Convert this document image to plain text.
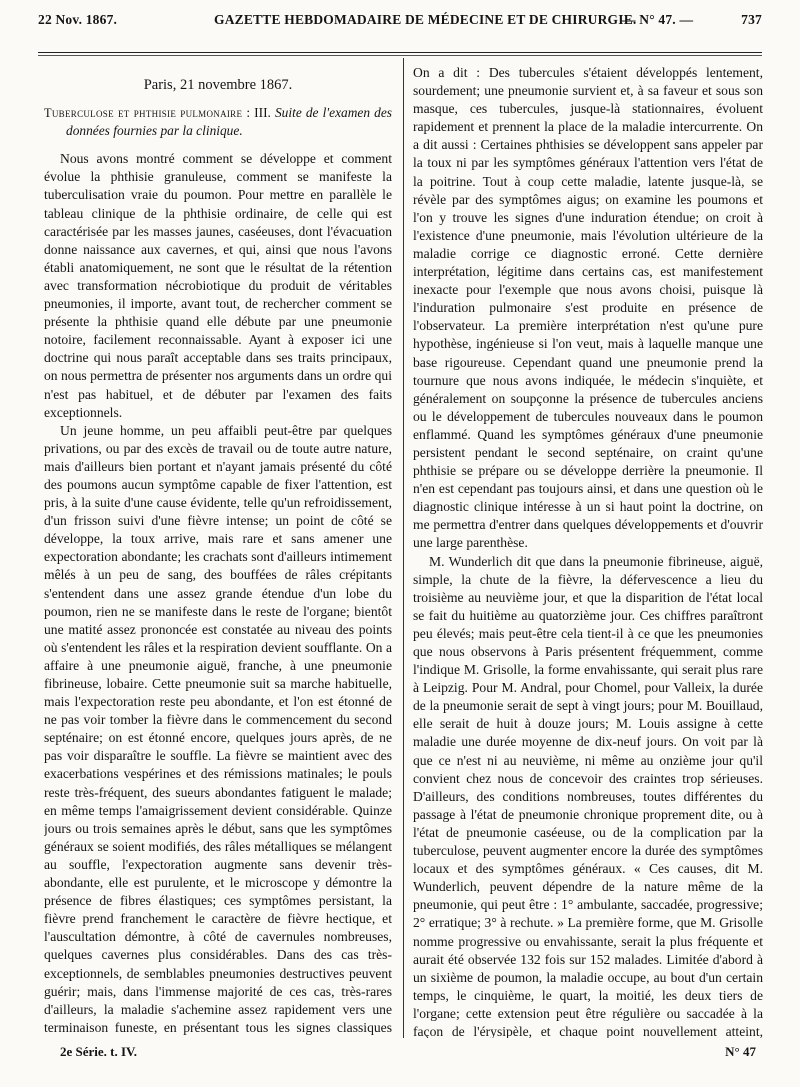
22 Nov. 1867.	GAZETTE HEBDOMADAIRE DE MÉDECINE ET DE CHIRURGIE.
— N° 47. —	737
Paris, 21 novembre 1867.
Tuberculose et phthisie pulmonaire : III. Suite de l'examen des données fournies par la clinique.

Nous avons montré comment se développe et comment évolue la phthisie granuleuse, comment se manifeste la tuberculisation vraie du poumon. Pour mettre en parallèle le tableau clinique de la phthisie ordinaire, de celle qui est caractérisée par les masses jaunes, caséeuses, dont l'évacuation donne naissance aux cavernes, et qui, ainsi que nous l'avons établi anatomiquement, ne sont que le résultat de la rétention avec transformation nécrobiotique du produit de véritables pneumonies, il importe, avant tout, de rechercher comment se présente la phthisie quand elle débute par une pneumonie notoire, facilement reconnaissable. Ayant à exposer ici une doctrine qui nous paraît acceptable dans ses traits principaux, on nous permettra de présenter nos arguments dans un ordre qui n'est pas habituel, et de débuter par l'examen des faits exceptionnels.

Un jeune homme, un peu affaibli peut-être par quelques privations, ou par des excès de travail ou de toute autre nature, mais d'ailleurs bien portant et n'ayant jamais présenté du côté des poumons aucun symptôme capable de fixer l'attention, est pris, à la suite d'une cause évidente, telle qu'un refroidissement, d'un frisson suivi d'une fièvre intense; un point de côté se développe, la toux arrive, mais rare et sans amener une expectoration abondante; les crachats sont d'ailleurs intimement mêlés à un peu de sang, des bouffées de râles crépitants s'entendent dans une assez grande étendue d'un lobe du poumon, rien ne se manifeste dans le reste de l'organe; bientôt une matité assez prononcée est constatée au niveau des points où s'entendent les râles et la respiration devient soufflante. On a affaire à une pneumonie aiguë, franche, à une pneumonie fibrineuse, lobaire. Cette pneumonie suit sa marche habituelle, mais l'expectoration reste peu abondante, et l'on est étonné de ne pas voir tomber la fièvre dans le commencement du second septénaire; on est étonné encore, quelques jours après, de ne pas voir disparaître le souffle. La fièvre se maintient avec des exacerbations vespérines et des rémissions matinales; le pouls reste très-fréquent, des sueurs abondantes fatiguent le malade; en même temps l'amaigrissement devient considérable. Quinze jours ou trois semaines après le début, sans que les symptômes généraux se soient modifiés, des râles métalliques se mélangent au souffle, l'expectoration augmente sans devenir très-abondante, elle est purulente, et le microscope y démontre la présence de fibres élastiques; ces symptômes persistant, la fièvre prend franchement le caractère de fièvre hectique, et l'auscultation démontre, à côté de cavernules nombreuses, quelques cavernes plus considérables. Dans des cas très-exceptionnels, de semblables pneumonies destructives peuvent guérir; mais, dans l'immense majorité de ces cas, très-rares d'ailleurs, la maladie s'achemine assez rapidement vers une terminaison funeste, en présentant tous les signes classiques

On a dit : Des tubercules s'étaient développés lentement, sourdement; une pneumonie survient et, à sa faveur et sous son masque, ces tubercules, jusque-là stationnaires, évoluent rapidement et prennent la place de la maladie intercurrente. On a dit aussi : Certaines phthisies se développent sans appeler par la toux ni par les symptômes généraux l'attention vers l'état de la poitrine. Tout à coup cette maladie, latente jusque-là, se révèle par des symptômes aigus; on examine les poumons et l'on y trouve les signes d'une induration étendue; on croit à l'existence d'une pneumonie, mais l'évolution ultérieure de la maladie corrige ce diagnostic erroné. Cette dernière interprétation, légitime dans certains cas, est manifestement inexacte pour l'exemple que nous avons choisi, puisque là l'induration pulmonaire s'est produite en présence de l'observateur. La première interprétation n'est qu'une pure hypothèse, ingénieuse si l'on veut, mais à laquelle manque une base rigoureuse. Cependant quand une pneumonie prend la tournure que nous avons indiquée, le médecin s'inquiète, et généralement on soupçonne la présence de tubercules anciens ou le développement de tubercules nouveaux dans le poumon enflammé. Quand les symptômes généraux d'une pneumonie persistent pendant le second septénaire, on craint qu'une phthisie se prépare ou se développe derrière la pneumonie. Il n'en est cependant pas toujours ainsi, et dans une question où le diagnostic clinique intéresse à un si haut point la doctrine, on me permettra d'entrer dans quelques développements et d'ouvrir une large parenthèse.

M. Wunderlich dit que dans la pneumonie fibrineuse, aiguë, simple, la chute de la fièvre, la défervescence a lieu du troisième au neuvième jour, et que la disparition de l'état local se fait du huitième au quatorzième jour. Ces chiffres paraîtront peu élevés; mais peut-être cela tient-il à ce que les pneumonies que nous observons à Paris présentent fréquemment, comme l'indique M. Grisolle, la forme envahissante, qui serait plus rare à Leipzig. Pour M. Andral, pour Chomel, pour Valleix, la durée de la pneumonie serait de sept à vingt jours; pour M. Bouillaud, elle serait de huit à douze jours; M. Louis assigne à cette maladie une durée moyenne de dix-neuf jours. On voit par là que ce n'est ni au neuvième, ni même au onzième jour qu'il convient chez nous de concevoir des craintes trop sérieuses. D'ailleurs, des conditions nombreuses, toutes différentes du passage à l'état de pneumonie chronique proprement dite, ou à l'état de pneumonie caséeuse, ou de la complication par la tuberculose, peuvent augmenter encore la durée des symptômes locaux et des symptômes généraux. « Ces causes, dit M. Wunderlich, peuvent dépendre de la nature même de la pneumonie, qui peut être : 1° ambulante, saccadée, progressive; 2° erratique; 3° à rechute. » La première forme, que M. Grisolle nomme progressive ou envahissante, serait la plus fréquente et aurait été observée 132 fois sur 152 malades. Limitée d'abord à un sixième de poumon, la maladie occupe, au bout d'un certain temps, le cinquième, le quart, la moitié, les deux tiers de l'organe; cette extension peut être régulière ou saccadée à la façon de l'érysipèle, et chaque point nouvellement atteint,

2e Série. t. IV.	N° 47
